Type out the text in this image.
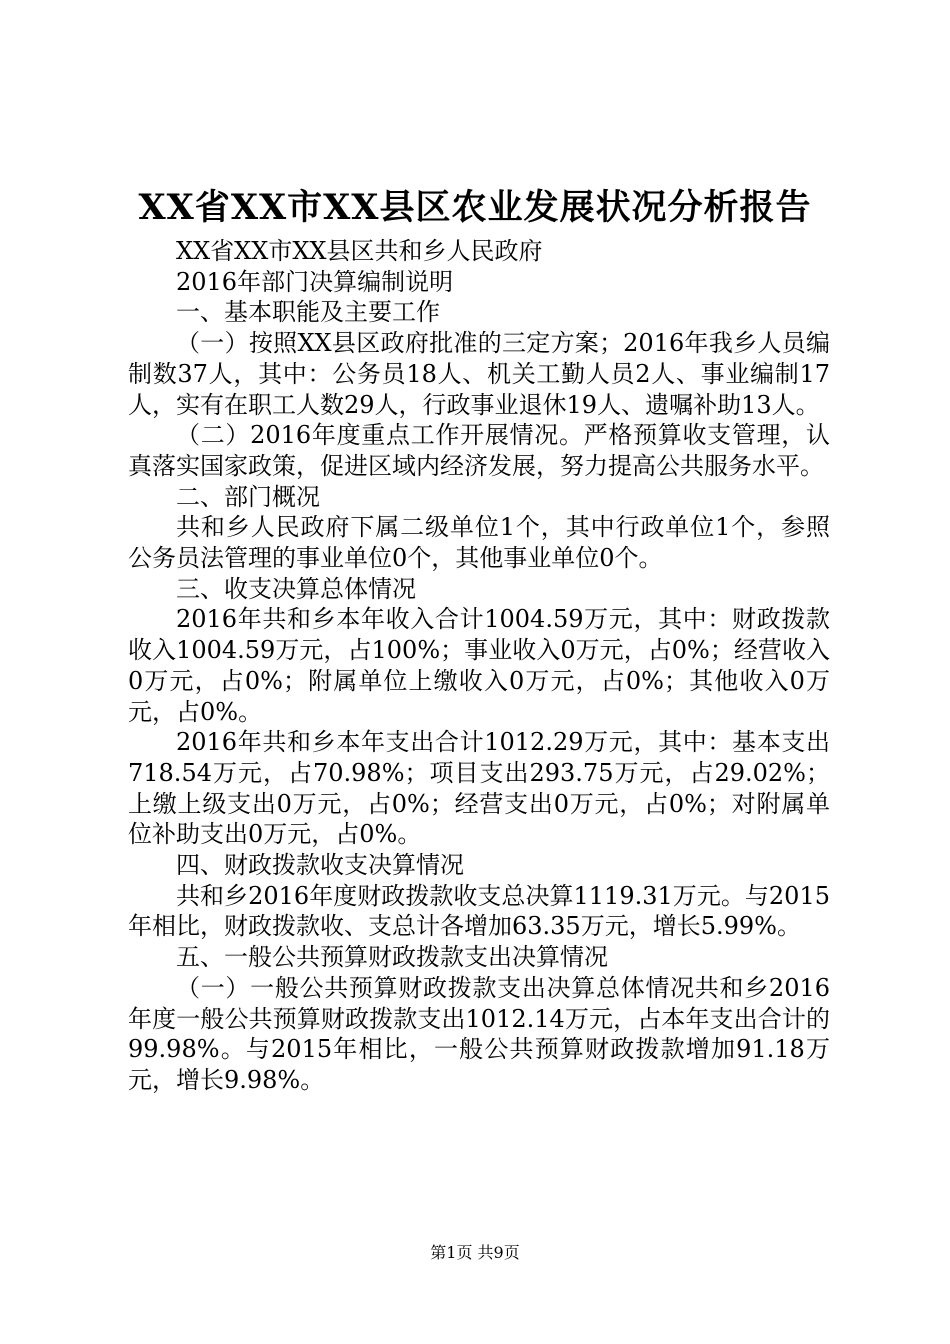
XX省XX市XX县区农业发展状况分析报告

XX省XX市XX县区共和乡人民政府

2016年部门决算编制说明

一、基本职能及主要工作

（一）按照XX县区政府批准的三定方案；2016年我乡人员编制数37人，其中：公务员18人、机关工勤人员2人、事业编制17人，实有在职工人数29人，行政事业退休19人、遗嘱补助13人。

（二）2016年度重点工作开展情况。严格预算收支管理，认真落实国家政策，促进区域内经济发展，努力提高公共服务水平。

二、部门概况

共和乡人民政府下属二级单位1个，其中行政单位1个，参照公务员法管理的事业单位0个，其他事业单位0个。

三、收支决算总体情况

2016年共和乡本年收入合计1004.59万元，其中：财政拨款收入1004.59万元，占100%；事业收入0万元，占0%；经营收入0万元，占0%；附属单位上缴收入0万元，占0%；其他收入0万元，占0%。

2016年共和乡本年支出合计1012.29万元，其中：基本支出718.54万元，占70.98%；项目支出293.75万元，占29.02%；上缴上级支出0万元，占0%；经营支出0万元，占0%；对附属单位补助支出0万元，占0%。

四、财政拨款收支决算情况

共和乡2016年度财政拨款收支总决算1119.31万元。与2015年相比，财政拨款收、支总计各增加63.35万元，增长5.99%。

五、一般公共预算财政拨款支出决算情况

（一）一般公共预算财政拨款支出决算总体情况共和乡2016年度一般公共预算财政拨款支出1012.14万元，占本年支出合计的99.98%。与2015年相比，一般公共预算财政拨款增加91.18万元，增长9.98%。

第1页 共9页
